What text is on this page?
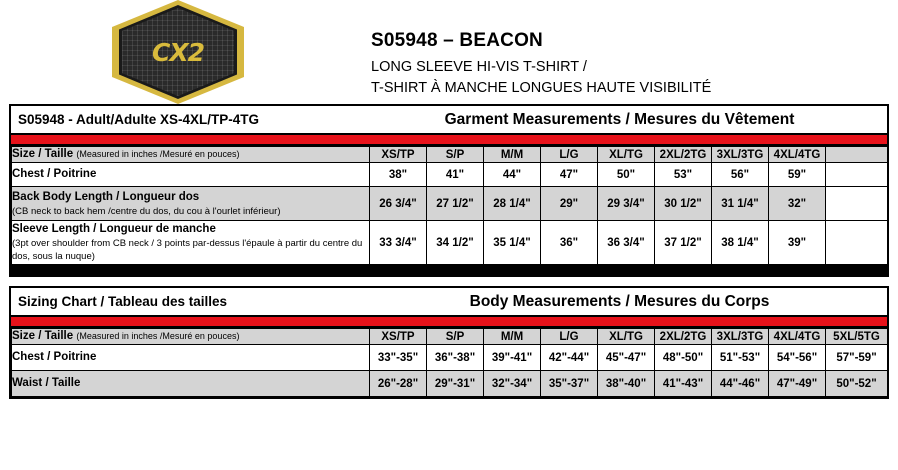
CX2	S05948 – BEACON
LONG SLEEVE HI-VIS T-SHIRT /
T-SHIRT À MANCHE LONGUES HAUTE VISIBILITÉ
S05948 - Adult/Adulte XS-4XL/TP-4TG	Garment Measurements / Mesures du Vêtement
Size / Taille (Measured in inches /Mesuré en pouces)	XS/TP	S/P	M/M	L/G	XL/TG	2XL/2TG	3XL/3TG	4XL/4TG	
Chest / Poitrine	38"	41"	44"	47"	50"	53"	56"	59"	
Back Body Length / Longueur dos
(CB neck to back hem /centre du dos, du cou à l'ourlet inférieur)	26 3/4"	27 1/2"	28 1/4"	29"	29 3/4"	30 1/2"	31 1/4"	32"	
Sleeve Length / Longueur de manche
(3pt over shoulder from CB neck / 3 points par-dessus l'épaule à partir du centre du dos, sous la nuque)	33 3/4"	34 1/2"	35 1/4"	36"	36 3/4"	37 1/2"	38 1/4"	39"	
Sizing Chart / Tableau des tailles	Body Measurements / Mesures du Corps
Size / Taille (Measured in inches /Mesuré en pouces)	XS/TP	S/P	M/M	L/G	XL/TG	2XL/2TG	3XL/3TG	4XL/4TG	5XL/5TG
Chest / Poitrine	33"-35"	36"-38"	39"-41"	42"-44"	45"-47"	48"-50"	51"-53"	54"-56"	57"-59"
Waist / Taille	26"-28"	29"-31"	32"-34"	35"-37"	38"-40"	41"-43"	44"-46"	47"-49"	50"-52"
